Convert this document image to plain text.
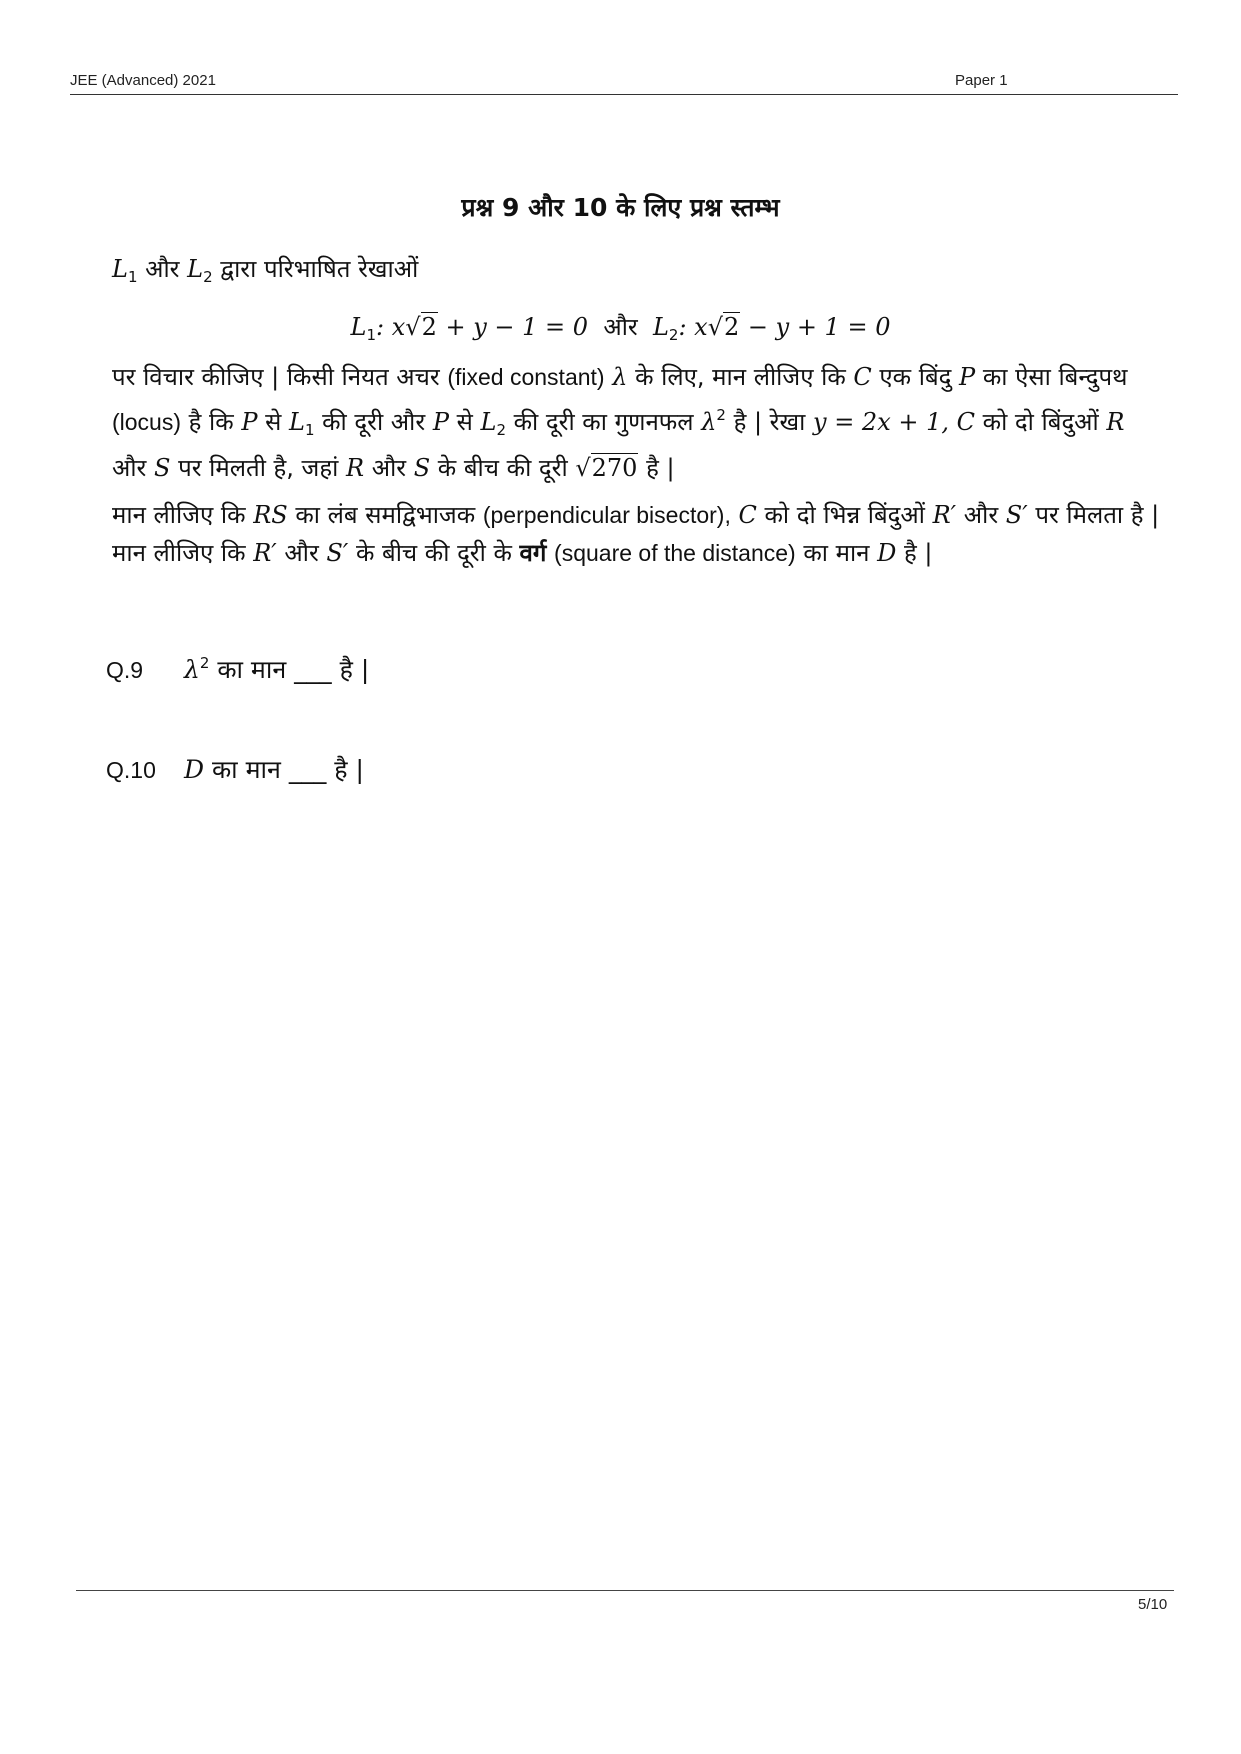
JEE (Advanced) 2021	Paper 1
प्रश्न 9 और 10 के लिए प्रश्न स्तम्भ

$L_1$ और $L_2$ द्वारा परिभाषित रेखाओं

$L_1$: x√2 + y − 1 = 0 और $L_2$: x√2 − y + 1 = 0

पर विचार कीजिए | किसी नियत अचर (fixed constant) λ के लिए, मान लीजिए कि C एक बिंदु P का ऐसा बिन्दुपथ (locus) है कि P से $L_1$ की दूरी और P से $L_2$ की दूरी का गुणनफल $\lambda^2$ है | रेखा y = 2x + 1, C को दो बिंदुओं R और S पर मिलती है, जहां R और S के बीच की दूरी √270 है |

मान लीजिए कि RS का लंब समद्विभाजक (perpendicular bisector), C को दो भिन्न बिंदुओं R′ और S′ पर मिलता है | मान लीजिए कि R′ और S′ के बीच की दूरी के वर्ग (square of the distance) का मान D है |

Q.9 $\lambda^2$ का मान ___ है |
Q.10 D का मान ___ है |
5/10
